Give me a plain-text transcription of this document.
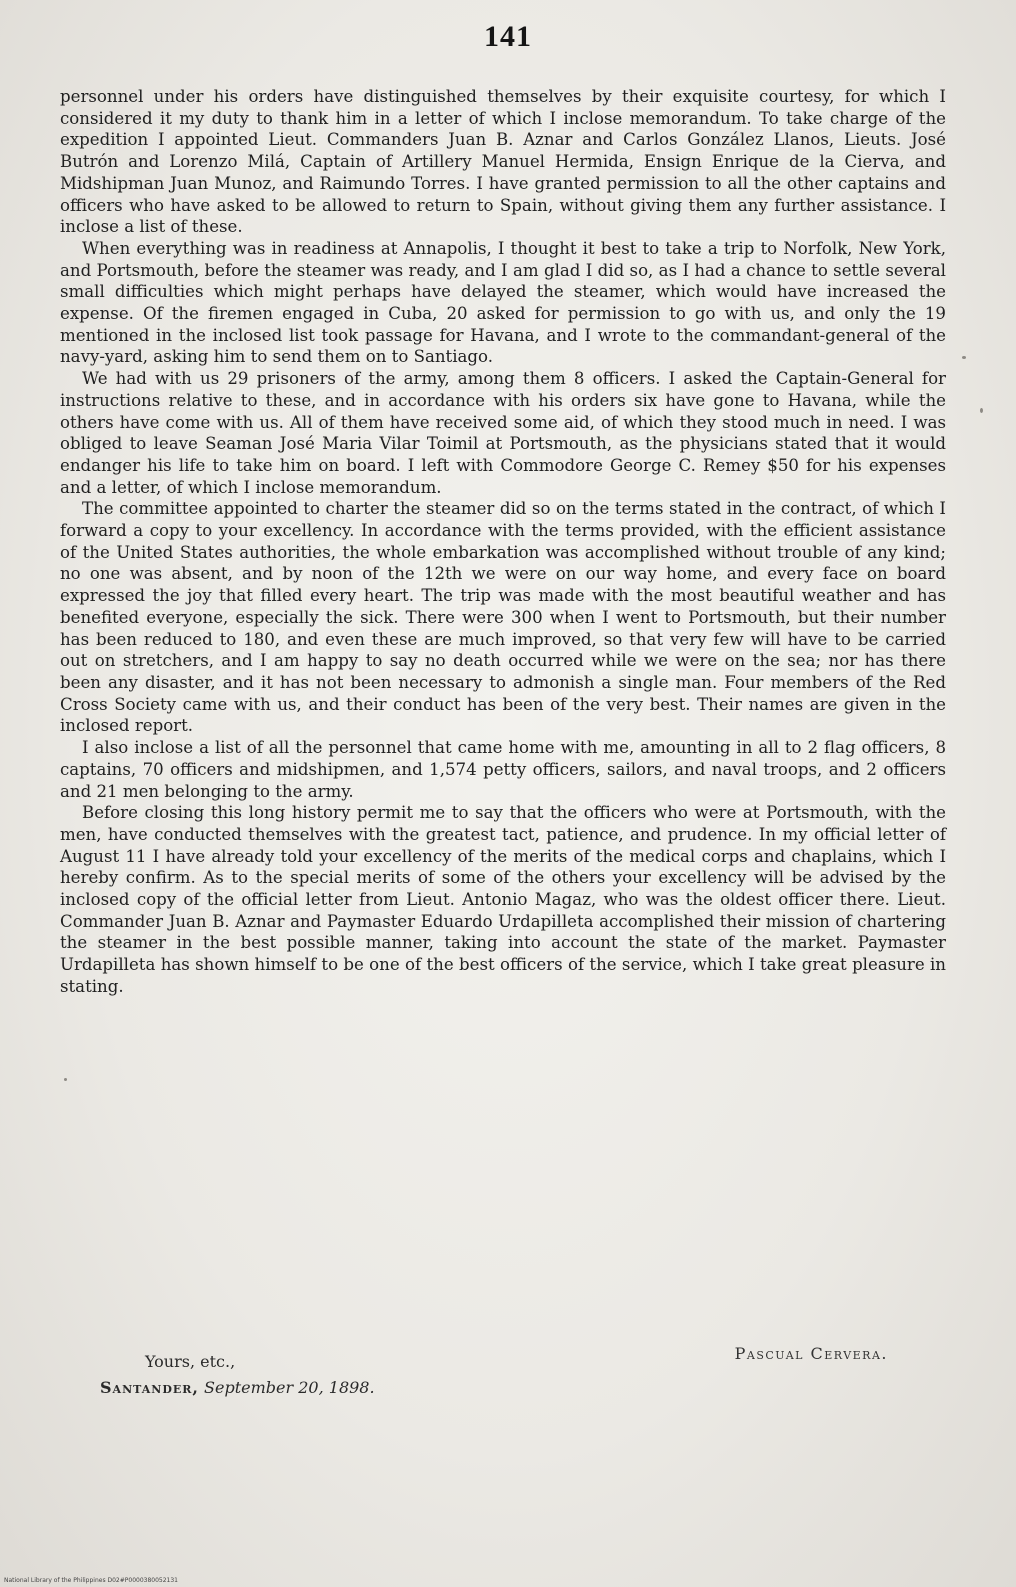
141

personnel under his orders have distinguished themselves by their exquisite courtesy, for which I considered it my duty to thank him in a letter of which I inclose memorandum. To take charge of the expedition I appointed Lieut. Commanders Juan B. Aznar and Carlos González Llanos, Lieuts. José Butrón and Lorenzo Milá, Captain of Artillery Manuel Hermida, Ensign Enrique de la Cierva, and Midshipman Juan Munoz, and Raimundo Torres. I have granted permission to all the other captains and officers who have asked to be allowed to return to Spain, without giving them any further assistance. I inclose a list of these.

When everything was in readiness at Annapolis, I thought it best to take a trip to Norfolk, New York, and Portsmouth, before the steamer was ready, and I am glad I did so, as I had a chance to settle several small difficulties which might perhaps have delayed the steamer, which would have increased the expense. Of the firemen engaged in Cuba, 20 asked for permission to go with us, and only the 19 mentioned in the inclosed list took passage for Havana, and I wrote to the commandant-general of the navy-yard, asking him to send them on to Santiago.

We had with us 29 prisoners of the army, among them 8 officers. I asked the Captain-General for instructions relative to these, and in accordance with his orders six have gone to Havana, while the others have come with us. All of them have received some aid, of which they stood much in need. I was obliged to leave Seaman José Maria Vilar Toimil at Portsmouth, as the physicians stated that it would endanger his life to take him on board. I left with Commodore George C. Remey $50 for his expenses and a letter, of which I inclose memorandum.

The committee appointed to charter the steamer did so on the terms stated in the contract, of which I forward a copy to your excellency. In accordance with the terms provided, with the efficient assistance of the United States authorities, the whole embarkation was accomplished without trouble of any kind; no one was absent, and by noon of the 12th we were on our way home, and every face on board expressed the joy that filled every heart. The trip was made with the most beautiful weather and has benefited everyone, especially the sick. There were 300 when I went to Portsmouth, but their number has been reduced to 180, and even these are much improved, so that very few will have to be carried out on stretchers, and I am happy to say no death occurred while we were on the sea; nor has there been any disaster, and it has not been necessary to admonish a single man. Four members of the Red Cross Society came with us, and their conduct has been of the very best. Their names are given in the inclosed report.

I also inclose a list of all the personnel that came home with me, amounting in all to 2 flag officers, 8 captains, 70 officers and midshipmen, and 1,574 petty officers, sailors, and naval troops, and 2 officers and 21 men belonging to the army.

Before closing this long history permit me to say that the officers who were at Portsmouth, with the men, have conducted themselves with the greatest tact, patience, and prudence. In my official letter of August 11 I have already told your excellency of the merits of the medical corps and chaplains, which I hereby confirm. As to the special merits of some of the others your excellency will be advised by the inclosed copy of the official letter from Lieut. Antonio Magaz, who was the oldest officer there. Lieut. Commander Juan B. Aznar and Paymaster Eduardo Urdapilleta accomplished their mission of chartering the steamer in the best possible manner, taking into account the state of the market. Paymaster Urdapilleta has shown himself to be one of the best officers of the service, which I take great pleasure in stating.

Pascual Cervera.
Yours, etc.,
Santander, September 20, 1898.
National Library of the Philippines D02#P0000380052131
